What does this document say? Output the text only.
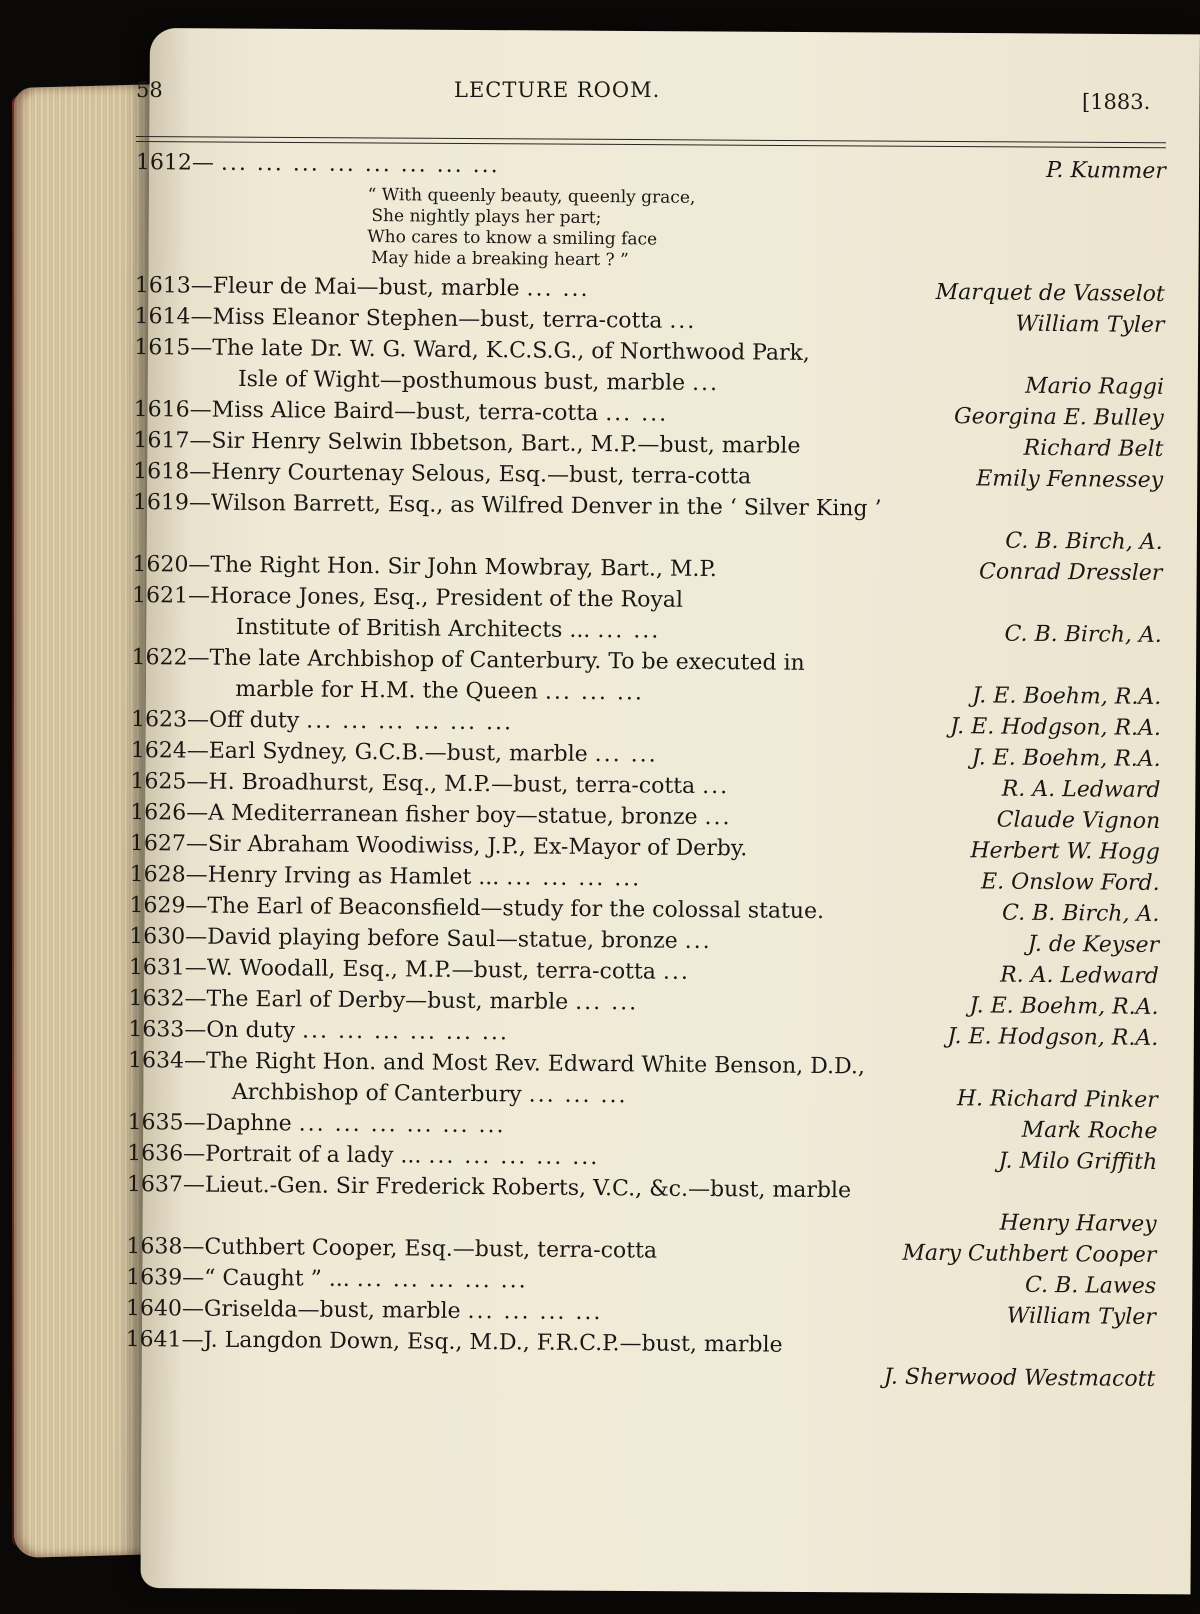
58	LECTURE ROOM.	[1883.
1612— ... ... ... ... ... ... ... ...	P. Kummer
“ With queenly beauty, queenly grace,
She nightly plays her part;
Who cares to know a smiling face
May hide a breaking heart ? ”
1613—Fleur de Mai—bust, marble ... ...	Marquet de Vasselot
1614—Miss Eleanor Stephen—bust, terra-cotta ...	William Tyler
1615—The late Dr. W. G. Ward, K.C.S.G., of Northwood Park,
Isle of Wight—posthumous bust, marble ...	Mario Raggi
1616—Miss Alice Baird—bust, terra-cotta ... ...	Georgina E. Bulley
1617—Sir Henry Selwin Ibbetson, Bart., M.P.—bust, marble	Richard Belt
1618—Henry Courtenay Selous, Esq.—bust, terra-cotta	Emily Fennessey
1619—Wilson Barrett, Esq., as Wilfred Denver in the ‘ Silver King ’
C. B. Birch, A.
1620—The Right Hon. Sir John Mowbray, Bart., M.P.	Conrad Dressler
1621—Horace Jones, Esq., President of the Royal
Institute of British Architects ... ... ...	C. B. Birch, A.
1622—The late Archbishop of Canterbury. To be executed in
marble for H.M. the Queen ... ... ...	J. E. Boehm, R.A.
1623—Off duty ... ... ... ... ... ...	J. E. Hodgson, R.A.
1624—Earl Sydney, G.C.B.—bust, marble ... ...	J. E. Boehm, R.A.
1625—H. Broadhurst, Esq., M.P.—bust, terra-cotta ...	R. A. Ledward
1626—A Mediterranean fisher boy—statue, bronze ...	Claude Vignon
1627—Sir Abraham Woodiwiss, J.P., Ex-Mayor of Derby.	Herbert W. Hogg
1628—Henry Irving as Hamlet ... ... ... ... ...	E. Onslow Ford.
1629—The Earl of Beaconsfield—study for the colossal statue.	C. B. Birch, A.
1630—David playing before Saul—statue, bronze ...	J. de Keyser
1631—W. Woodall, Esq., M.P.—bust, terra-cotta ...	R. A. Ledward
1632—The Earl of Derby—bust, marble ... ...	J. E. Boehm, R.A.
1633—On duty ... ... ... ... ... ...	J. E. Hodgson, R.A.
1634—The Right Hon. and Most Rev. Edward White Benson, D.D.,
Archbishop of Canterbury ... ... ...	H. Richard Pinker
1635—Daphne ... ... ... ... ... ...	Mark Roche
1636—Portrait of a lady ... ... ... ... ... ...	J. Milo Griffith
1637—Lieut.-Gen. Sir Frederick Roberts, V.C., &c.—bust, marble
Henry Harvey
1638—Cuthbert Cooper, Esq.—bust, terra-cotta	Mary Cuthbert Cooper
1639—“ Caught ” ... ... ... ... ... ...	C. B. Lawes
1640—Griselda—bust, marble ... ... ... ...	William Tyler
1641—J. Langdon Down, Esq., M.D., F.R.C.P.—bust, marble
J. Sherwood Westmacott
